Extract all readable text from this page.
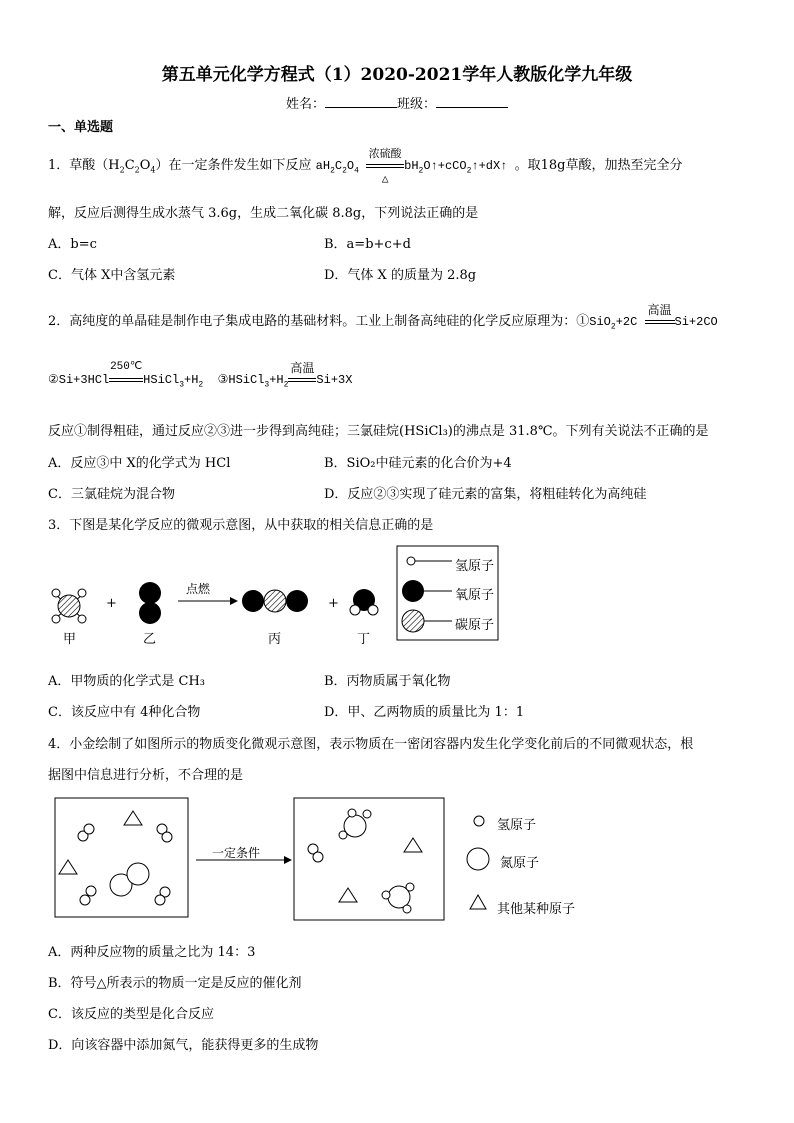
第五单元化学方程式（1）2020-2021学年人教版化学九年级
姓名：	班级：
一、单选题
1．草酸$(H_2C_2O_4)$在一定条件发生如下反应 $aH_2C_2O_4$
浓硫酸
△
$bH_2O↑+cCO_2↑+dX↑$ 。取18g草酸，加热至完全分
解，反应后测得生成水蒸气 3.6g，生成二氧化碳 8.8g，下列说法正确的是
A．b=c	B．a=b+c+d
C．气体 X中含氢元素	D．气体 X 的质量为 2.8g
2．高纯度的单晶硅是制作电子集成电路的基础材料。工业上制备高纯硅的化学反应原理为：①SiO$_2$+2C
高温
Si+2CO
②Si+3HCl
250℃
$HSiCl_3+H_2$ $③HSiCl_3+H_2$
高温
Si+3X
反应①制得粗硅，通过反应②③进一步得到高纯硅；三氯硅烷(HSiCl₃)的沸点是 31.8℃。下列有关说法不正确的是
A．反应③中 X的化学式为 HCl	B．SiO₂中硅元素的化合价为+4
C．三氯硅烷为混合物	D．反应②③实现了硅元素的富集，将粗硅转化为高纯硅
3．下图是某化学反应的微观示意图，从中获取的相关信息正确的是
氢原子
氧原子
碳原子
点燃
+	+
甲	乙	丙	丁
A．甲物质的化学式是 CH₃	B．丙物质属于氧化物
C．该反应中有 4种化合物	D．甲、乙两物质的质量比为 1：1
4．小金绘制了如图所示的物质变化微观示意图，表示物质在一密闭容器内发生化学变化前后的不同微观状态，根
据图中信息进行分析，不合理的是
一定条件
氢原子
氮原子
其他某种原子
A．两种反应物的质量之比为 14：3
B．符号△所表示的物质一定是反应的催化剂
C．该反应的类型是化合反应
D．向该容器中添加氮气，能获得更多的生成物
